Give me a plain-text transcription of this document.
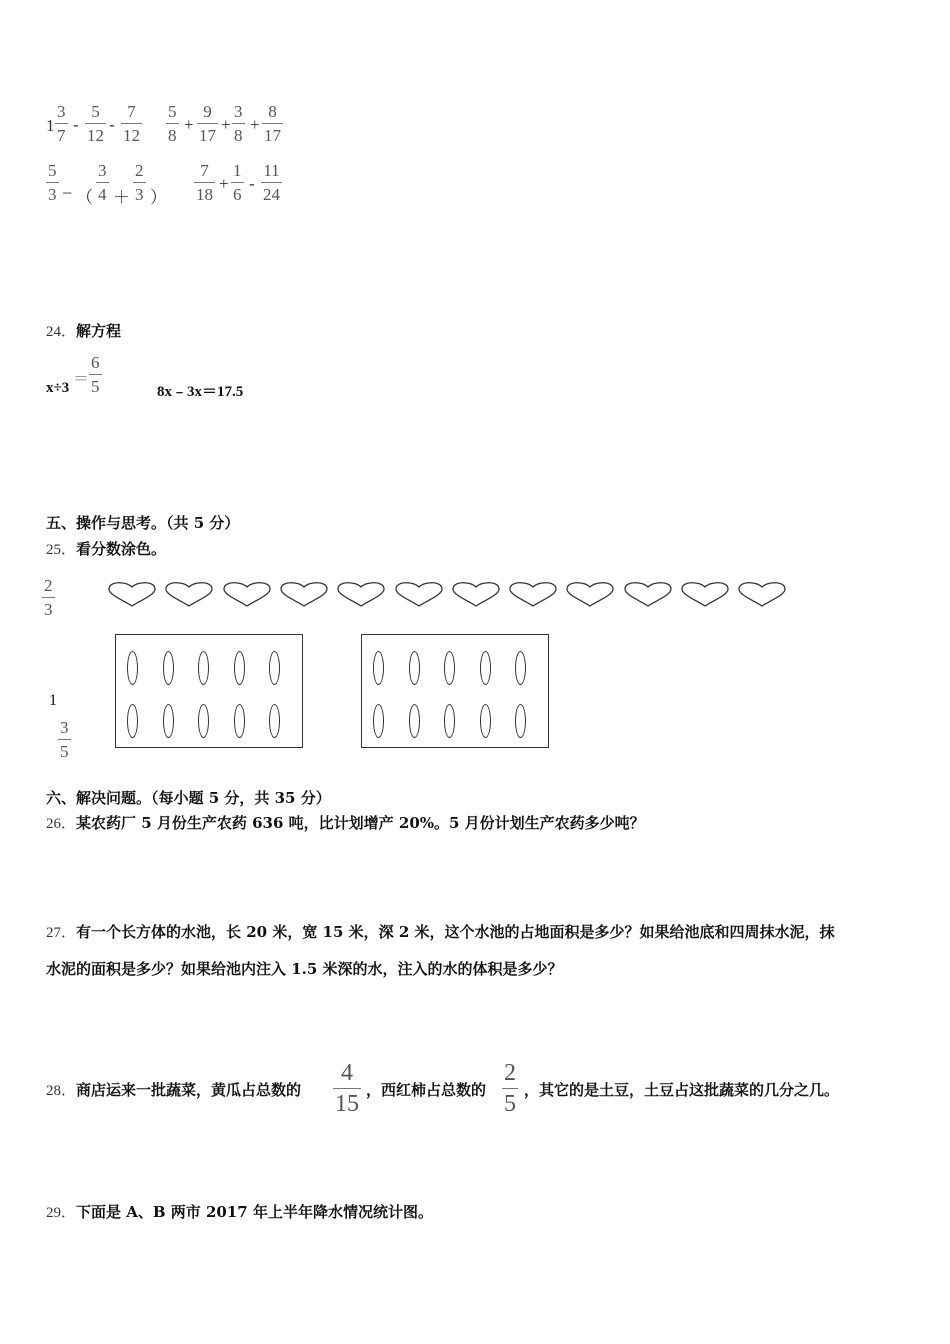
$1 \frac{3}{7} - \frac{5}{12} - \frac{7}{12} \frac{5}{8} + \frac{9}{17} + \frac{3}{8} + \frac{8}{17}$
$\frac{5}{3}$ − （ $\frac{3}{4} + \frac{2}{3}$ ） $\frac{7}{18} + \frac{1}{6} - \frac{11}{24}$
24．解方程
$x\div 3 = \frac{6}{5}$	8x﹣3x＝17.5
五、操作与思考。（共 5 分）
25．看分数涂色。
$\frac{2}{3}$
1
$\frac{3}{5}$
六、解决问题。（每小题 5 分，共 35 分）
26．某农药厂 5 月份生产农药 636 吨，比计划增产 20%。5 月份计划生产农药多少吨？
27．有一个长方体的水池，长 20 米，宽 15 米，深 2 米，这个水池的占地面积是多少？如果给池底和四周抹水泥，抹
水泥的面积是多少？如果给池内注入 1.5 米深的水，注入的水的体积是多少？
28．商店运来一批蔬菜，黄瓜占总数的 $\frac{4}{15}$ ，西红柿占总数的 $\frac{2}{5}$ ，其它的是土豆，土豆占这批蔬菜的几分之几。
29．下面是 A、B 两市 2017 年上半年降水情况统计图。
